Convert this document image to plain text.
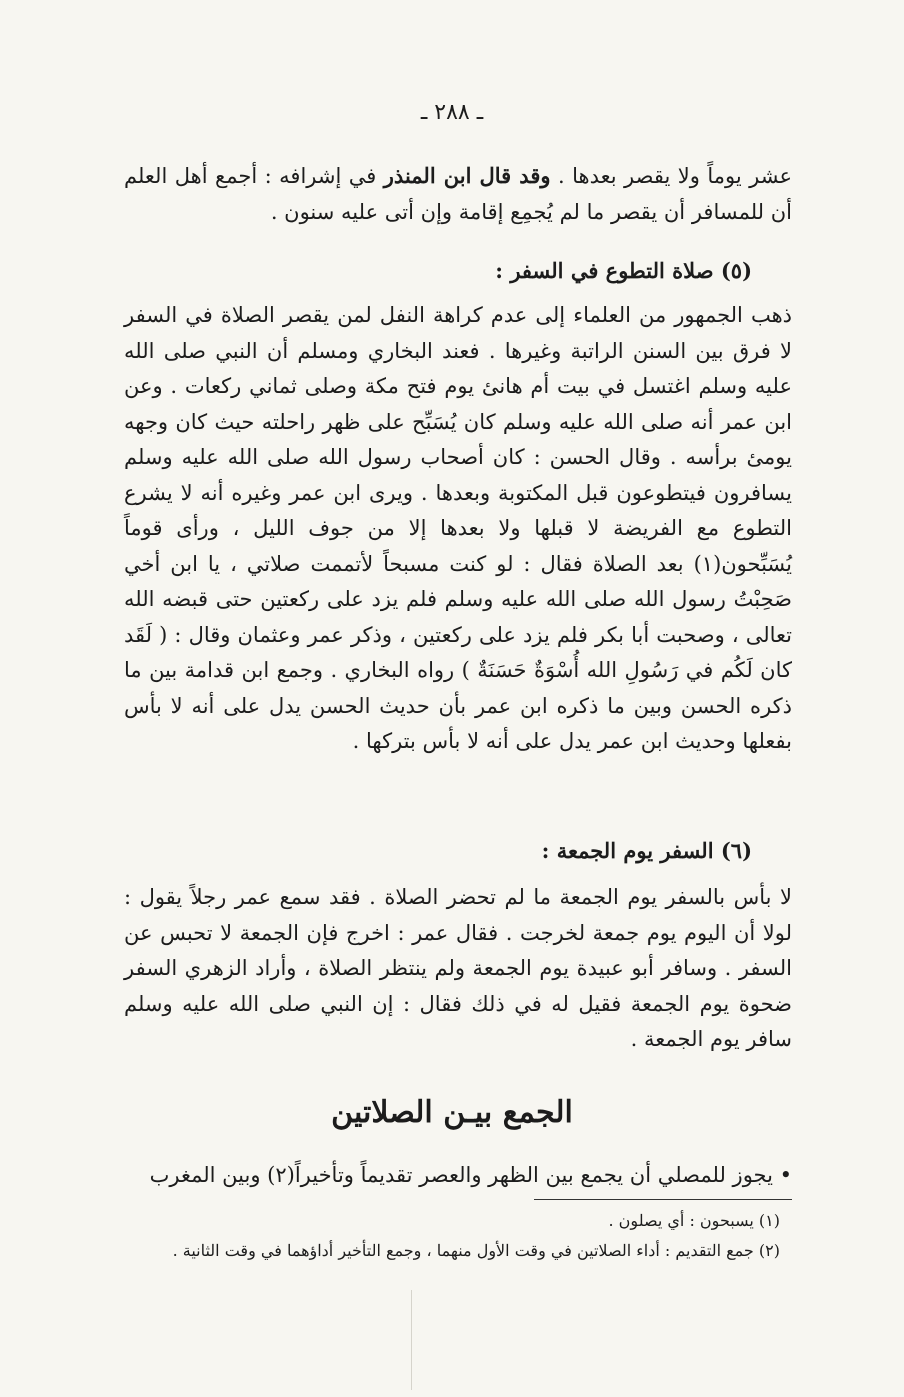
ـ ٢٨٨ ـ
عشر يوماً ولا يقصر بعدها . وقد قال ابن المنذر في إشرافه : أجمع أهل العلم أن للمسافر أن يقصر ما لم يُجمِع إقامة وإن أتى عليه سنون .
(٥) صلاة التطوع في السفر :
ذهب الجمهور من العلماء إلى عدم كراهة النفل لمن يقصر الصلاة في السفر لا فرق بين السنن الراتبة وغيرها . فعند البخاري ومسلم أن النبي صلى الله عليه وسلم اغتسل في بيت أم هانئ يوم فتح مكة وصلى ثماني ركعات . وعن ابن عمر أنه صلى الله عليه وسلم كان يُسَبِّح على ظهر راحلته حيث كان وجهه يومئ برأسه . وقال الحسن : كان أصحاب رسول الله صلى الله عليه وسلم يسافرون فيتطوعون قبل المكتوبة وبعدها . ويرى ابن عمر وغيره أنه لا يشرع التطوع مع الفريضة لا قبلها ولا بعدها إلا من جوف الليل ، ورأى قوماً يُسَبِّحون(١) بعد الصلاة فقال : لو كنت مسبحاً لأتممت صلاتي ، يا ابن أخي صَحِبْتُ رسول الله صلى الله عليه وسلم فلم يزد على ركعتين حتى قبضه الله تعالى ، وصحبت أبا بكر فلم يزد على ركعتين ، وذكر عمر وعثمان وقال : ( لَقَد كان لَكُم في رَسُولِ الله أُسْوَةٌ حَسَنَةٌ ) رواه البخاري . وجمع ابن قدامة بين ما ذكره الحسن وبين ما ذكره ابن عمر بأن حديث الحسن يدل على أنه لا بأس بفعلها وحديث ابن عمر يدل على أنه لا بأس بتركها .
(٦) السفر يوم الجمعة :
لا بأس بالسفر يوم الجمعة ما لم تحضر الصلاة . فقد سمع عمر رجلاً يقول : لولا أن اليوم يوم جمعة لخرجت . فقال عمر : اخرج فإن الجمعة لا تحبس عن السفر . وسافر أبو عبيدة يوم الجمعة ولم ينتظر الصلاة ، وأراد الزهري السفر ضحوة يوم الجمعة فقيل له في ذلك فقال : إن النبي صلى الله عليه وسلم سافر يوم الجمعة .
الجمع بيـن الصلاتين
• يجوز للمصلي أن يجمع بين الظهر والعصر تقديماً وتأخيراً(٢) وبين المغرب
(١) يسبحون : أي يصلون .
(٢) جمع التقديم : أداء الصلاتين في وقت الأول منهما ، وجمع التأخير أداؤهما في وقت الثانية .
